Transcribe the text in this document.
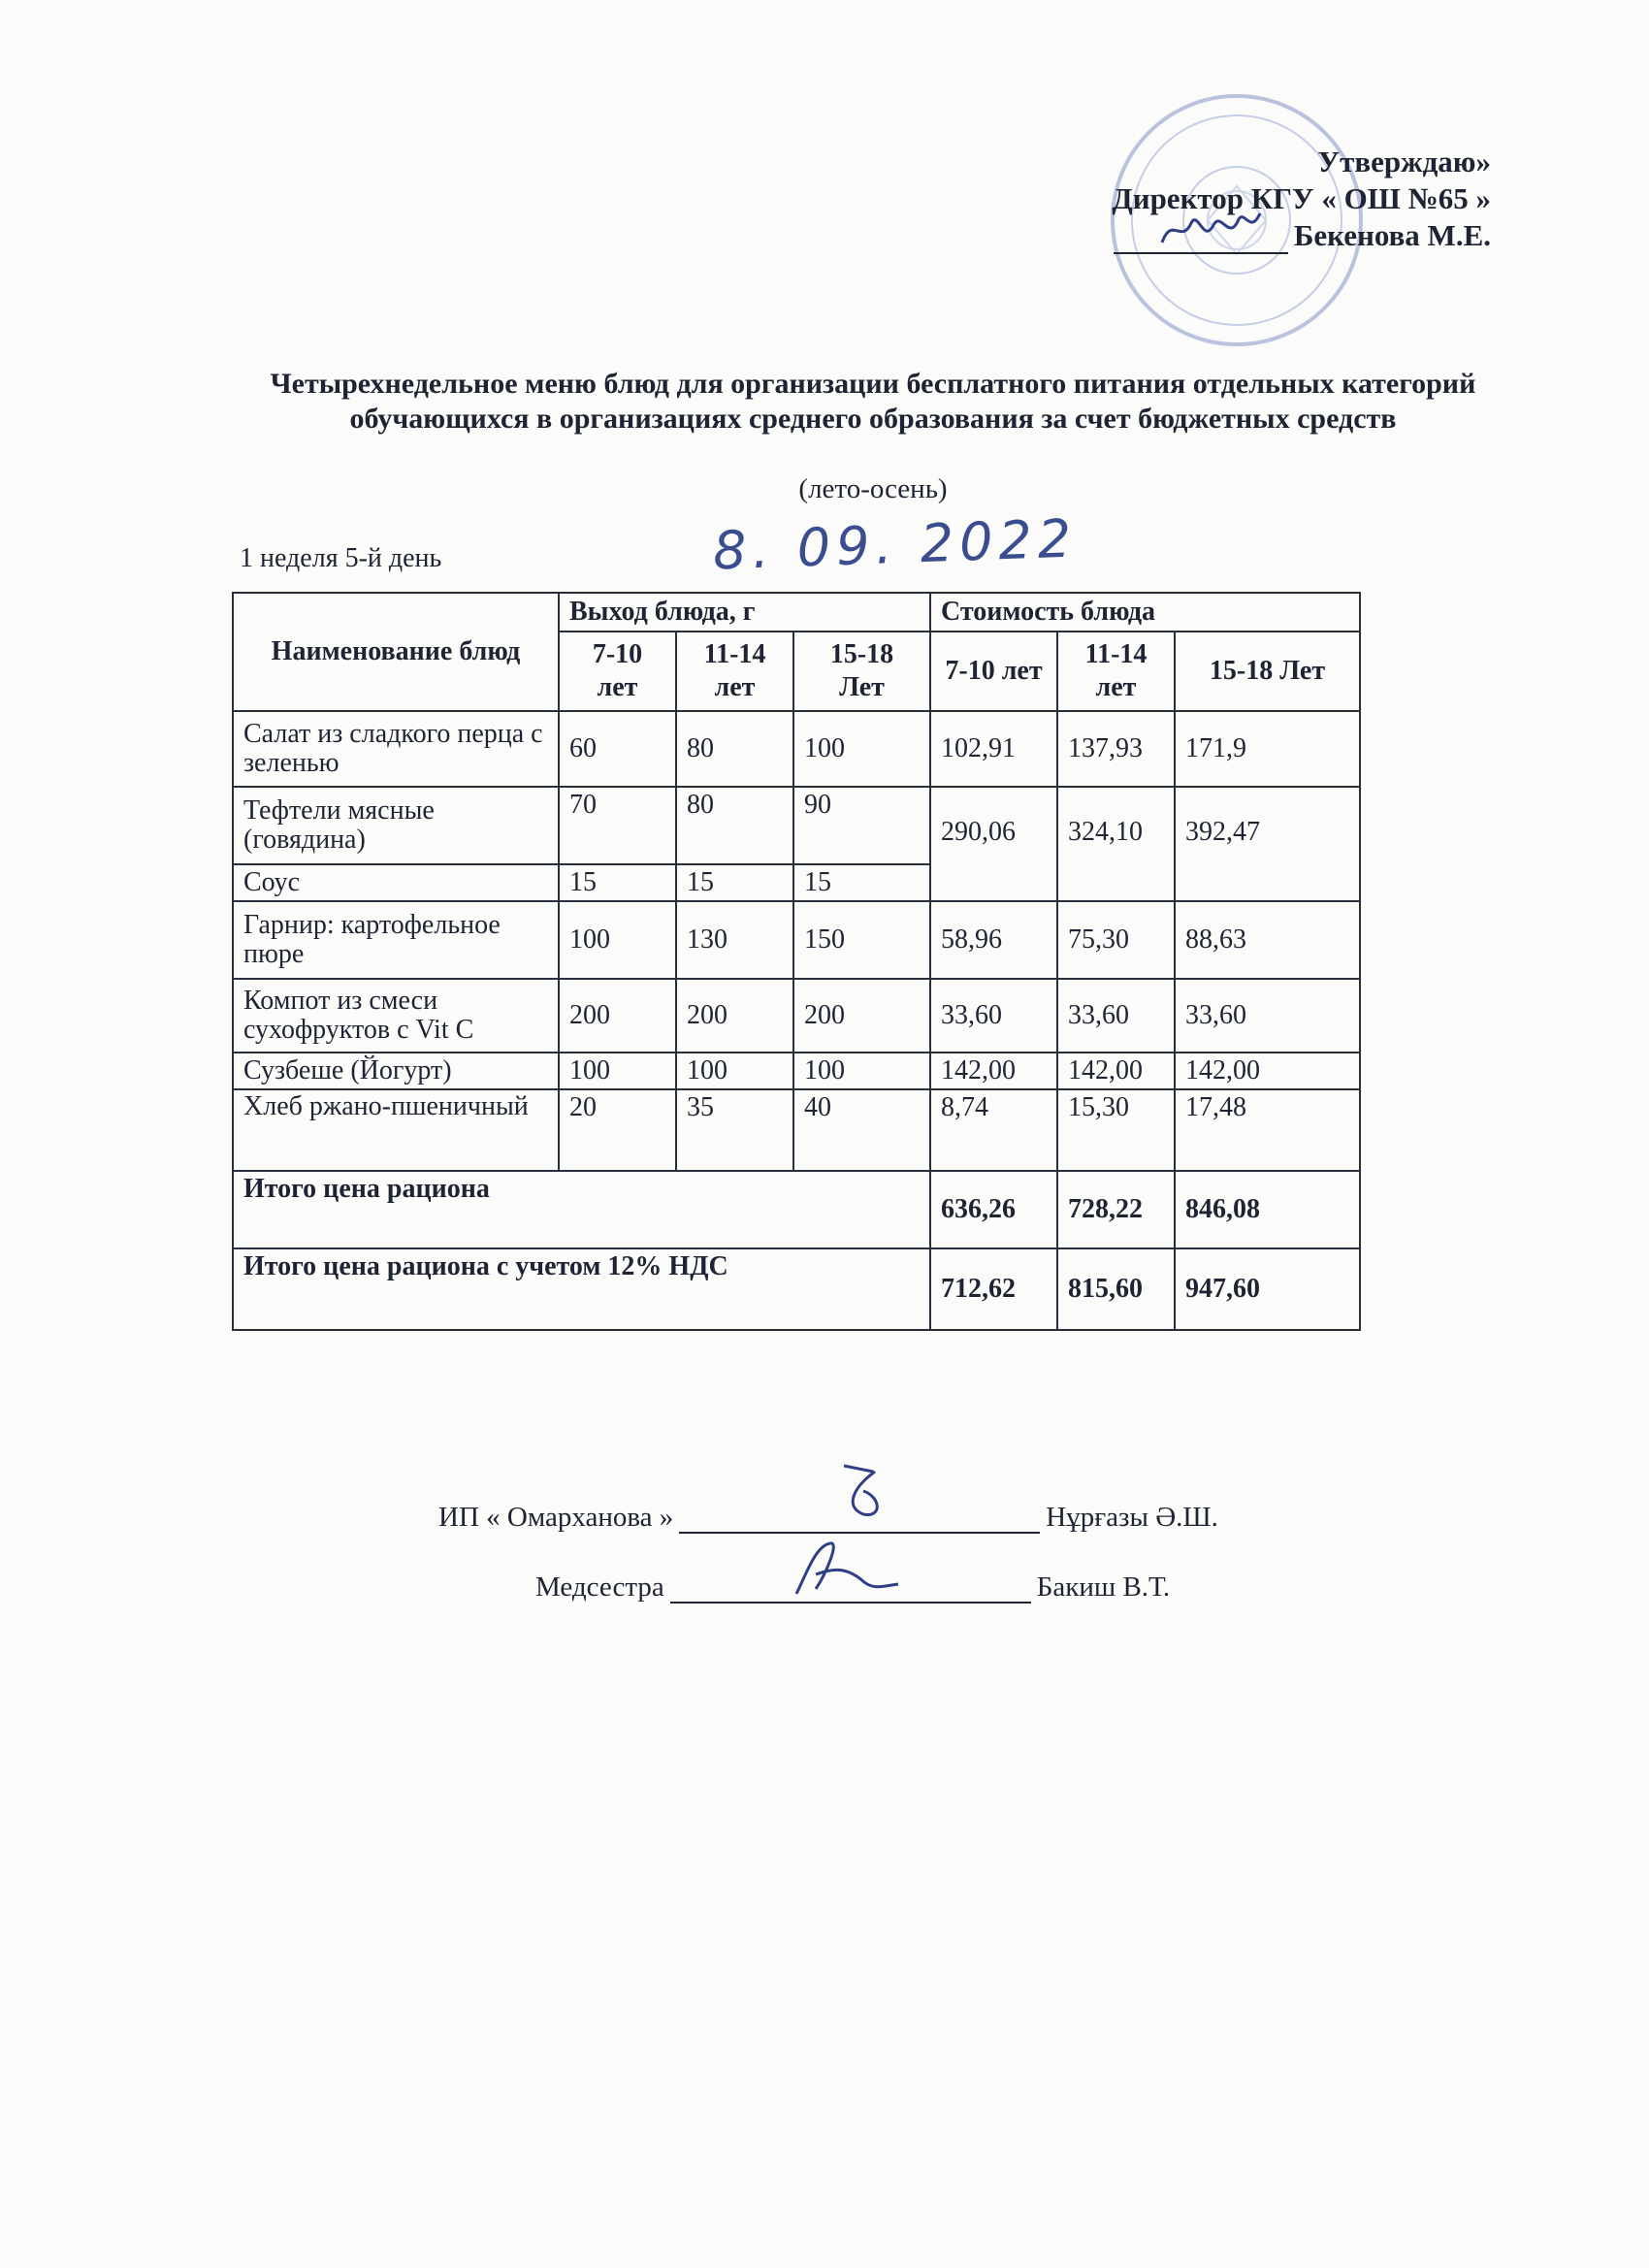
Утверждаю»
Директор КГУ « ОШ №65 »
Бекенова М.Е.
Четырехнедельное меню блюд для организации бесплатного питания отдельных категорий обучающихся в организациях среднего образования за счет бюджетных средств
(лето-осень)
1 неделя 5-й день	8. 09. 2022
Наименование блюд	Выход блюда, г			Стоимость блюда		
	7-10 лет	11-14 лет	15-18 Лет	7-10 лет	11-14 лет	15-18 Лет
Салат из сладкого перца с зеленью	60	80	100	102,91	137,93	171,9
Тефтели мясные (говядина)	70	80	90	290,06	324,10	392,47
Соус	15	15	15			
Гарнир: картофельное пюре	100	130	150	58,96	75,30	88,63
Компот из смеси сухофруктов с Vit C	200	200	200	33,60	33,60	33,60
Сузбеше (Йогурт)	100	100	100	142,00	142,00	142,00
Хлеб ржано-пшеничный	20	35	40	8,74	15,30	17,48
Итого цена рациона				636,26	728,22	846,08
Итого цена рациона с учетом 12% НДС				712,62	815,60	947,60
ИП « Омарханова »	Нұрғазы Ә.Ш.
Медсестра	Бакиш В.Т.
